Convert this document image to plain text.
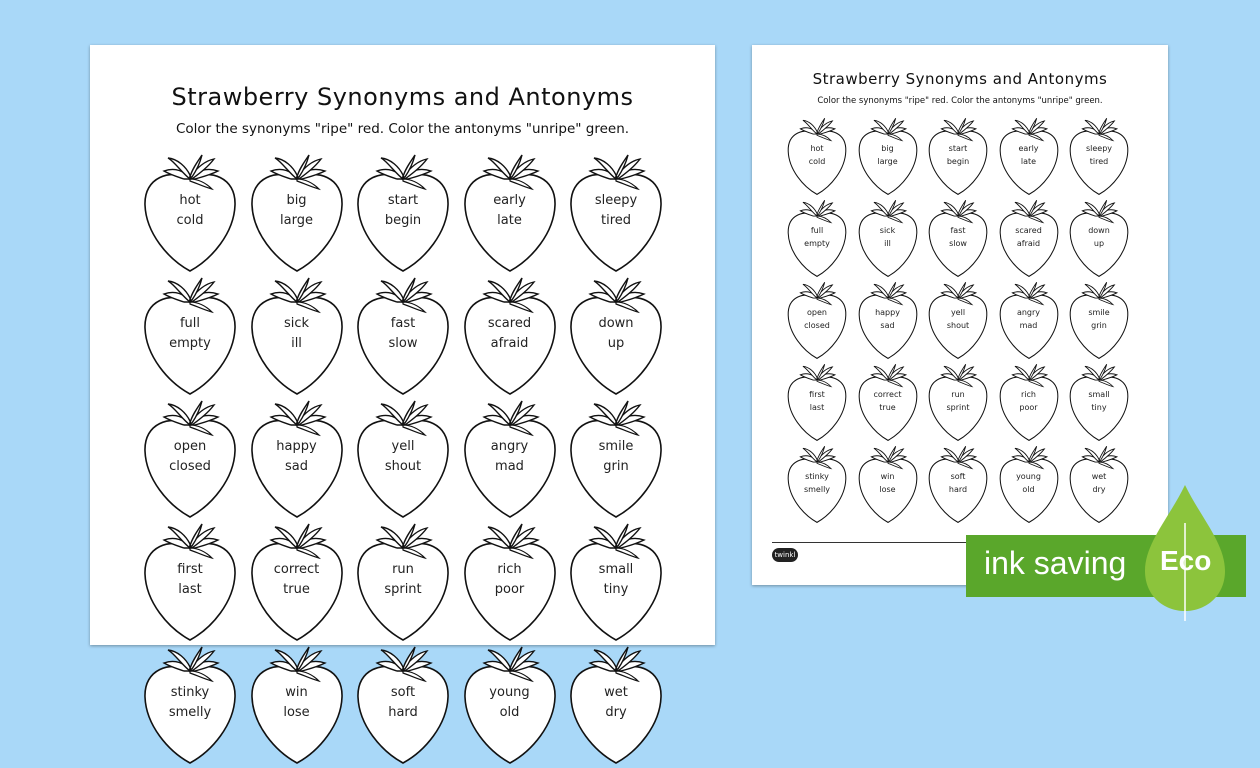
Strawberry Synonyms and Antonyms
Color the synonyms "ripe" red. Color the antonyms "unripe" green.
hot
cold
big
large
start
begin
early
late
sleepy
tired
full
empty
sick
ill
fast
slow
scared
afraid
down
up
open
closed
happy
sad
yell
shout
angry
mad
smile
grin
first
last
correct
true
run
sprint
rich
poor
small
tiny
stinky
smelly
win
lose
soft
hard
young
old
wet
dry
Strawberry Synonyms and Antonyms
Color the synonyms "ripe" red. Color the antonyms "unripe" green.
hot
cold
big
large
start
begin
early
late
sleepy
tired
full
empty
sick
ill
fast
slow
scared
afraid
down
up
open
closed
happy
sad
yell
shout
angry
mad
smile
grin
first
last
correct
true
run
sprint
rich
poor
small
tiny
stinky
smelly
win
lose
soft
hard
young
old
wet
dry
twinkl	ink saving Eco
